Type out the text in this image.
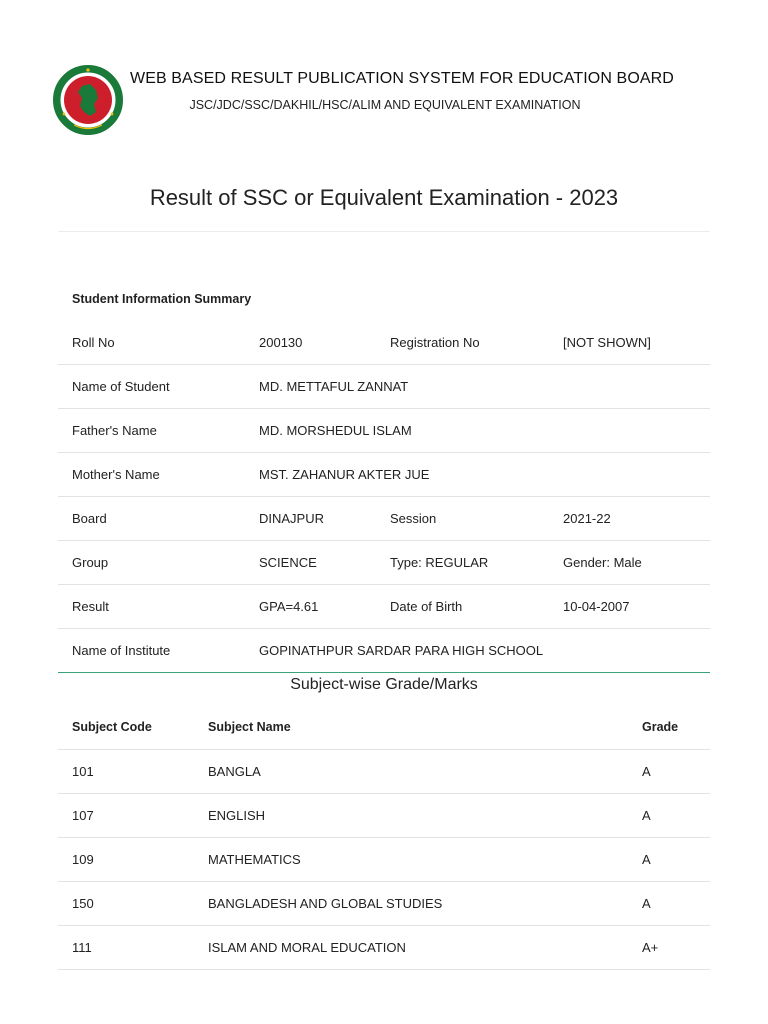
WEB BASED RESULT PUBLICATION SYSTEM FOR EDUCATION BOARD
JSC/JDC/SSC/DAKHIL/HSC/ALIM AND EQUIVALENT EXAMINATION
Result of SSC or Equivalent Examination - 2023
Student Information Summary
Roll No	200130	Registration No	[NOT SHOWN]
Name of Student	MD. METTAFUL ZANNAT
Father's Name	MD. MORSHEDUL ISLAM
Mother's Name	MST. ZAHANUR AKTER JUE
Board	DINAJPUR	Session	2021-22
Group	SCIENCE	Type: REGULAR	Gender: Male
Result	GPA=4.61	Date of Birth	10-04-2007
Name of Institute	GOPINATHPUR SARDAR PARA HIGH SCHOOL
Subject-wise Grade/Marks
Subject Code	Subject Name	Grade
101	BANGLA	A
107	ENGLISH	A
109	MATHEMATICS	A
150	BANGLADESH AND GLOBAL STUDIES	A
111	ISLAM AND MORAL EDUCATION	A+
